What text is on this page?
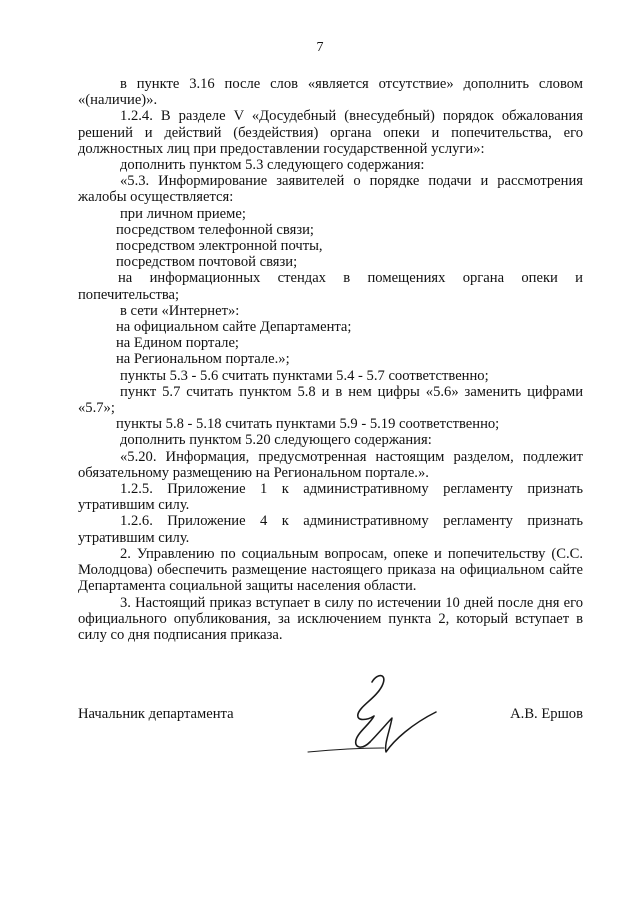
7

в пункте 3.16 после слов «является отсутствие» дополнить словом «(наличие)».

1.2.4. В разделе V «Досудебный (внесудебный) порядок обжалования решений и действий (бездействия) органа опеки и попечительства, его должностных лиц при предоставлении государственной услуги»:

дополнить пунктом 5.3 следующего содержания:

«5.3. Информирование заявителей о порядке подачи и рассмотрения жалобы осуществляется:

при личном приеме;

посредством телефонной связи;

посредством электронной почты,

посредством почтовой связи;

на информационных стендах в помещениях органа опеки и попечительства;

в сети «Интернет»:

на официальном сайте Департамента;

на Едином портале;

на Региональном портале.»;

пункты 5.3 - 5.6 считать пунктами 5.4 - 5.7 соответственно;

пункт 5.7 считать пунктом 5.8 и в нем цифры «5.6» заменить цифрами «5.7»;

пункты 5.8 - 5.18 считать пунктами 5.9 - 5.19 соответственно;

дополнить пунктом 5.20 следующего содержания:

«5.20. Информация, предусмотренная настоящим разделом, подлежит обязательному размещению на Региональном портале.».

1.2.5. Приложение 1 к административному регламенту признать утратившим силу.

1.2.6. Приложение 4 к административному регламенту признать утратившим силу.

2. Управлению по социальным вопросам, опеке и попечительству (С.С. Молодцова) обеспечить размещение настоящего приказа на официальном сайте Департамента социальной защиты населения области.

3. Настоящий приказ вступает в силу по истечении 10 дней после дня его официального опубликования, за исключением пункта 2, который вступает в силу со дня подписания приказа.

Начальник департамента	А.В. Ершов
